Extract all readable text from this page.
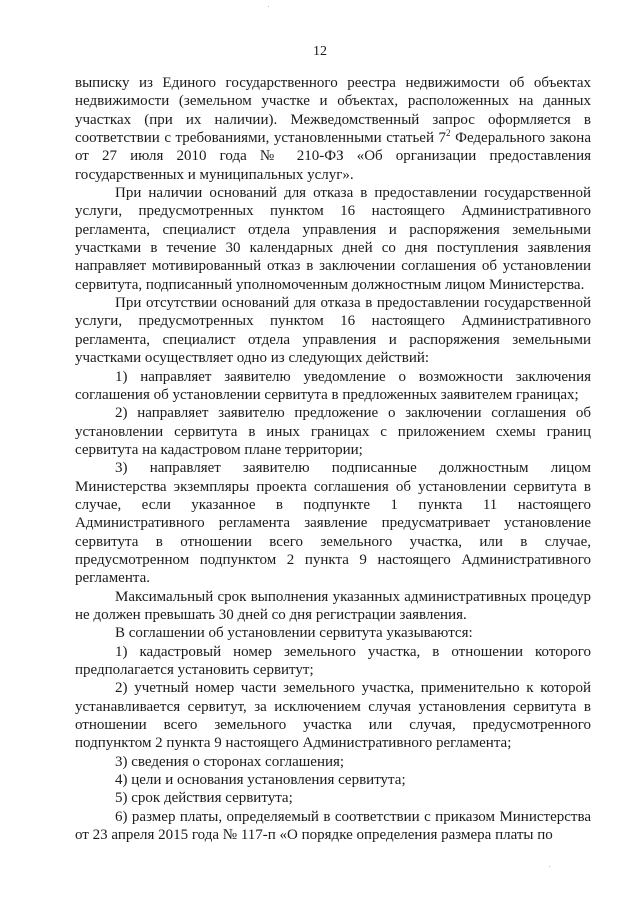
12

выписку из Единого государственного реестра недвижимости об объектах недвижимости (земельном участке и объектах, расположенных на данных участках (при их наличии). Межведомственный запрос оформляется в соответствии с требованиями, установленными статьей $7^2$ Федерального закона от 27 июля 2010 года № 210-ФЗ «Об организации предоставления государственных и муниципальных услуг».

При наличии оснований для отказа в предоставлении государственной услуги, предусмотренных пунктом 16 настоящего Административного регламента, специалист отдела управления и распоряжения земельными участками в течение 30 календарных дней со дня поступления заявления направляет мотивированный отказ в заключении соглашения об установлении сервитута, подписанный уполномоченным должностным лицом Министерства.

При отсутствии оснований для отказа в предоставлении государственной услуги, предусмотренных пунктом 16 настоящего Административного регламента, специалист отдела управления и распоряжения земельными участками осуществляет одно из следующих действий:

1) направляет заявителю уведомление о возможности заключения соглашения об установлении сервитута в предложенных заявителем границах;

2) направляет заявителю предложение о заключении соглашения об установлении сервитута в иных границах с приложением схемы границ сервитута на кадастровом плане территории;

3) направляет заявителю подписанные должностным лицом Министерства экземпляры проекта соглашения об установлении сервитута в случае, если указанное в подпункте 1 пункта 11 настоящего Административного регламента заявление предусматривает установление сервитута в отношении всего земельного участка, или в случае, предусмотренном подпунктом 2 пункта 9 настоящего Административного регламента.

Максимальный срок выполнения указанных административных процедур не должен превышать 30 дней со дня регистрации заявления.

В соглашении об установлении сервитута указываются:

1) кадастровый номер земельного участка, в отношении которого предполагается установить сервитут;

2) учетный номер части земельного участка, применительно к которой устанавливается сервитут, за исключением случая установления сервитута в отношении всего земельного участка или случая, предусмотренного подпунктом 2 пункта 9 настоящего Административного регламента;

3) сведения о сторонах соглашения;

4) цели и основания установления сервитута;

5) срок действия сервитута;

6) размер платы, определяемый в соответствии с приказом Министерства от 23 апреля 2015 года № 117-п «О порядке определения размера платы по
